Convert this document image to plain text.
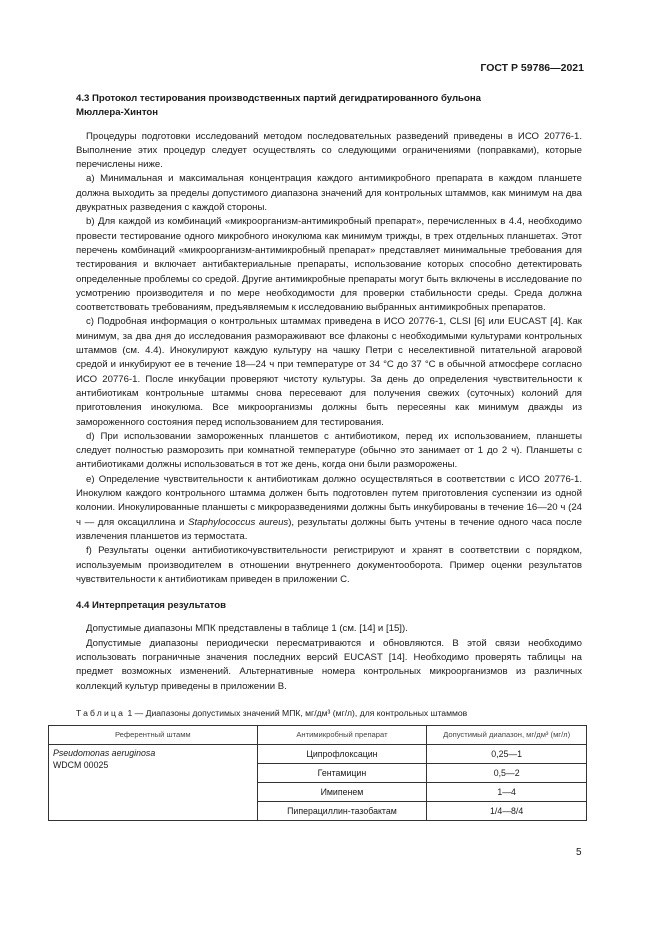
ГОСТ Р 59786—2021
4.3 Протокол тестирования производственных партий дегидратированного бульона
Мюллера-Хинтон

Процедуры подготовки исследований методом последовательных разведений приведены в ИСО 20776-1. Выполнение этих процедур следует осуществлять со следующими ограничениями (поправками), которые перечислены ниже.

a) Минимальная и максимальная концентрация каждого антимикробного препарата в каждом планшете должна выходить за пределы допустимого диапазона значений для контрольных штаммов, как минимум на два двукратных разведения с каждой стороны.

b) Для каждой из комбинаций «микроорганизм-антимикробный препарат», перечисленных в 4.4, необходимо провести тестирование одного микробного инокулюма как минимум трижды, в трех отдельных планшетах. Этот перечень комбинаций «микроорганизм-антимикробный препарат» представляет минимальные требования для тестирования и включает антибактериальные препараты, использование которых способно детектировать определенные проблемы со средой. Другие антимикробные препараты могут быть включены в исследование по усмотрению производителя и по мере необходимости для проверки стабильности среды. Среда должна соответствовать требованиям, предъявляемым к исследованию выбранных антимикробных препаратов.

c) Подробная информация о контрольных штаммах приведена в ИСО 20776-1, CLSI [6] или EUCAST [4]. Как минимум, за два дня до исследования размораживают все флаконы с необходимыми культурами контрольных штаммов (см. 4.4). Инокулируют каждую культуру на чашку Петри с неселективной питательной агаровой средой и инкубируют ее в течение 18—24 ч при температуре от 34 °C до 37 °C в обычной атмосфере согласно ИСО 20776-1. После инкубации проверяют чистоту культуры. За день до определения чувствительности к антибиотикам контрольные штаммы снова пересевают для получения свежих (суточных) колоний для приготовления инокулюма. Все микроорганизмы должны быть пересеяны как минимум дважды из замороженного состояния перед использованием для тестирования.

d) При использовании замороженных планшетов с антибиотиком, перед их использованием, планшеты следует полностью разморозить при комнатной температуре (обычно это занимает от 1 до 2 ч). Планшеты с антибиотиками должны использоваться в тот же день, когда они были разморожены.

e) Определение чувствительности к антибиотикам должно осуществляться в соответствии с ИСО 20776-1. Инокулюм каждого контрольного штамма должен быть подготовлен путем приготовления суспензии из одной колонии. Инокулированные планшеты с микроразведениями должны быть инкубированы в течение 16—20 ч (24 ч — для оксациллина и Staphylococcus aureus), результаты должны быть учтены в течение одного часа после извлечения планшетов из термостата.

f) Результаты оценки антибиотикочувствительности регистрируют и хранят в соответствии с порядком, используемым производителем в отношении внутреннего документооборота. Пример оценки результатов чувствительности к антибиотикам приведен в приложении С.

4.4 Интерпретация результатов

Допустимые диапазоны МПК представлены в таблице 1 (см. [14] и [15]).

Допустимые диапазоны периодически пересматриваются и обновляются. В этой связи необходимо использовать пограничные значения последних версий EUCAST [14]. Необходимо проверять таблицы на предмет возможных изменений. Альтернативные номера контрольных микроорганизмов из различных коллекций культур приведены в приложении В.

Таблица 1 — Диапазоны допустимых значений МПК, мг/дм³ (мг/л), для контрольных штаммов
Референтный штамм	Антимикробный препарат	Допустимый диапазон, мг/дм³ (мг/л)

Pseudomonas aeruginosa
WDCM 00025	Ципрофлоксацин	0,25—1
	Гентамицин	0,5—2
	Имипенем	1—4
	Пиперациллин-тазобактам	1/4—8/4
5
